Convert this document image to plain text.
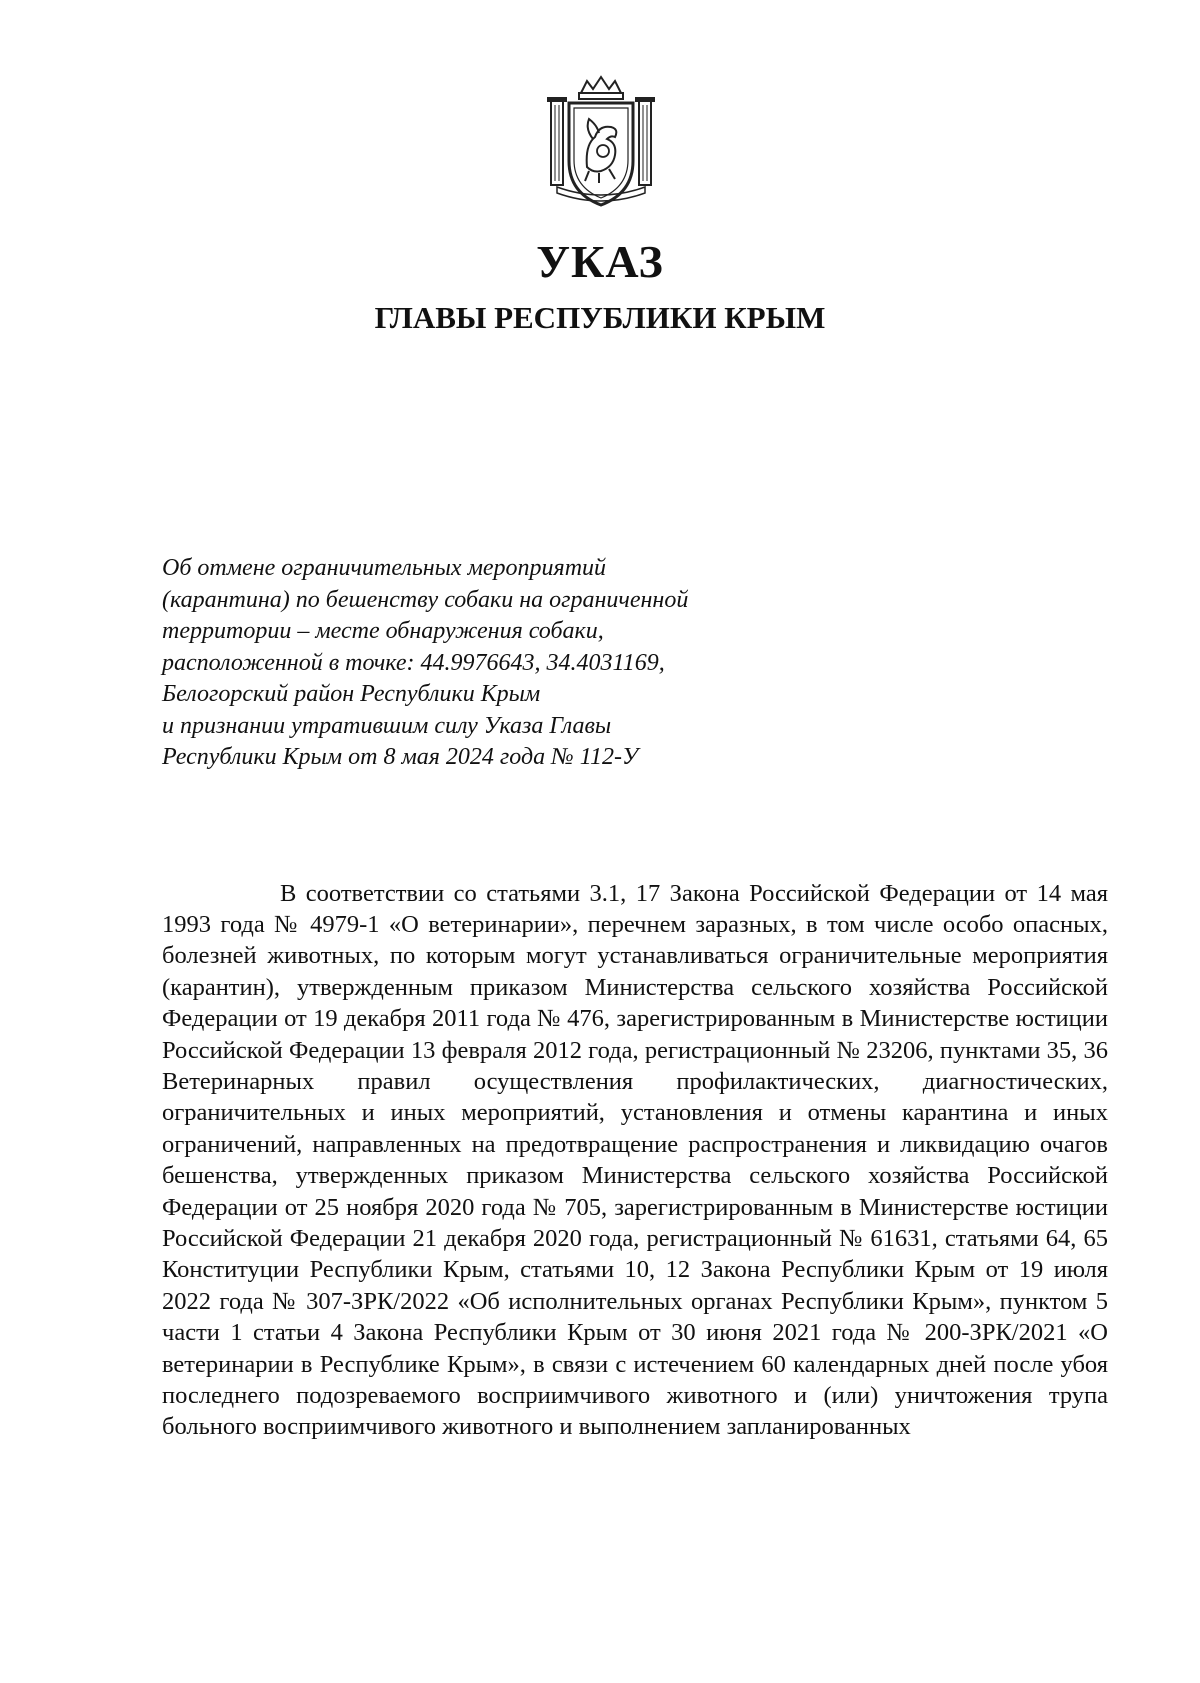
УКАЗ
ГЛАВЫ РЕСПУБЛИКИ КРЫМ
Об отмене ограничительных мероприятий
(карантина) по бешенству собаки на ограниченной
территории – месте обнаружения собаки,
расположенной в точке: 44.9976643, 34.4031169,
Белогорский район Республики Крым
и признании утратившим силу Указа Главы
Республики Крым от 8 мая 2024 года № 112-У

В соответствии со статьями 3.1, 17 Закона Российской Федерации от 14 мая 1993 года № 4979-1 «О ветеринарии», перечнем заразных, в том числе особо опасных, болезней животных, по которым могут устанавливаться ограничительные мероприятия (карантин), утвержденным приказом Министерства сельского хозяйства Российской Федерации от 19 декабря 2011 года № 476, зарегистрированным в Министерстве юстиции Российской Федерации 13 февраля 2012 года, регистрационный № 23206, пунктами 35, 36 Ветеринарных правил осуществления профилактических, диагностических, ограничительных и иных мероприятий, установления и отмены карантина и иных ограничений, направленных на предотвращение распространения и ликвидацию очагов бешенства, утвержденных приказом Министерства сельского хозяйства Российской Федерации от 25 ноября 2020 года № 705, зарегистрированным в Министерстве юстиции Российской Федерации 21 декабря 2020 года, регистрационный № 61631, статьями 64, 65 Конституции Республики Крым, статьями 10, 12 Закона Республики Крым от 19 июля 2022 года № 307-ЗРК/2022 «Об исполнительных органах Республики Крым», пунктом 5 части 1 статьи 4 Закона Республики Крым от 30 июня 2021 года № 200-ЗРК/2021 «О ветеринарии в Республике Крым», в связи с истечением 60 календарных дней после убоя последнего подозреваемого восприимчивого животного и (или) уничтожения трупа больного восприимчивого животного и выполнением запланированных
